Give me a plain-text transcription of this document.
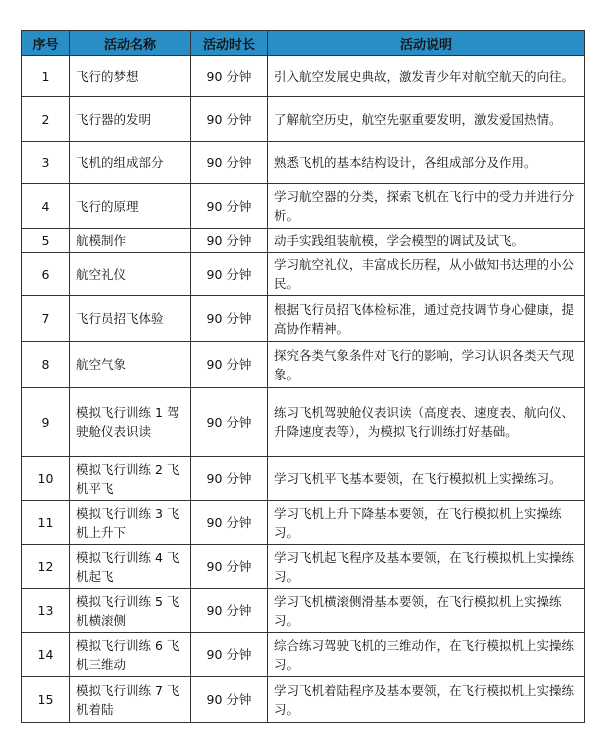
序号	活动名称	活动时长	活动说明
1	飞行的梦想	90 分钟	引入航空发展史典故，激发青少年对航空航天的向往。
2	飞行器的发明	90 分钟	了解航空历史，航空先驱重要发明，激发爱国热情。
3	飞机的组成部分	90 分钟	熟悉飞机的基本结构设计，各组成部分及作用。
4	飞行的原理	90 分钟	学习航空器的分类，探索飞机在飞行中的受力并进行分析。
5	航模制作	90 分钟	动手实践组装航模，学会模型的调试及试飞。
6	航空礼仪	90 分钟	学习航空礼仪，丰富成长历程，从小做知书达理的小公民。
7	飞行员招飞体验	90 分钟	根据飞行员招飞体检标准，通过竞技调节身心健康，提高协作精神。
8	航空气象	90 分钟	探究各类气象条件对飞行的影响，学习认识各类天气现象。
9	模拟飞行训练 1 驾驶舱仪表识读	90 分钟	练习飞机驾驶舱仪表识读（高度表、速度表、航向仪、升降速度表等），为模拟飞行训练打好基础。
10	模拟飞行训练 2 飞机平飞	90 分钟	学习飞机平飞基本要领，在飞行模拟机上实操练习。
11	模拟飞行训练 3 飞机上升下	90 分钟	学习飞机上升下降基本要领，在飞行模拟机上实操练习。
12	模拟飞行训练 4 飞机起飞	90 分钟	学习飞机起飞程序及基本要领，在飞行模拟机上实操练习。
13	模拟飞行训练 5 飞机横滚侧	90 分钟	学习飞机横滚侧滑基本要领，在飞行模拟机上实操练习。
14	模拟飞行训练 6 飞机三维动	90 分钟	综合练习驾驶飞机的三维动作，在飞行模拟机上实操练习。
15	模拟飞行训练 7 飞机着陆	90 分钟	学习飞机着陆程序及基本要领，在飞行模拟机上实操练习。
